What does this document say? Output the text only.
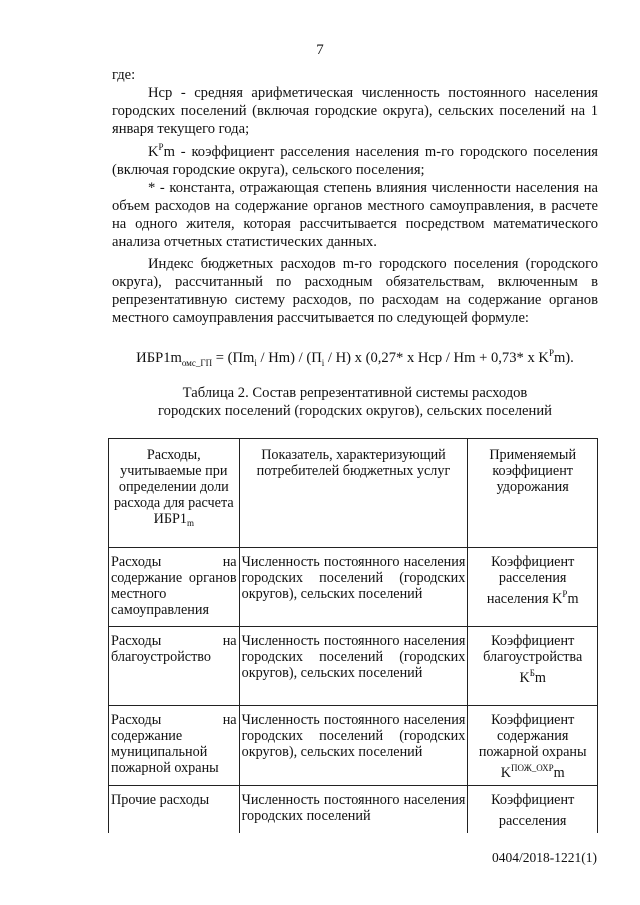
7

где:

Нср - средняя арифметическая численность постоянного населения городских поселений (включая городские округа), сельских поселений на 1 января текущего года;

$K^Pm$ - коэффициент расселения населения m-го городского поселения (включая городские округа), сельского поселения;

* - константа, отражающая степень влияния численности населения на объем расходов на содержание органов местного самоуправления, в расчете на одного жителя, которая рассчитывается посредством математического анализа отчетных статистических данных.

Индекс бюджетных расходов m-го городского поселения (городского округа), рассчитанный по расходным обязательствам, включенным в репрезентативную систему расходов, по расходам на содержание органов местного самоуправления рассчитывается по следующей формуле:

$ИБР1m_{омс\_ГП} = (Пm_i / Hm) / (П_i / H)$ x (0,27* x Hcp / Hm + 0,73* x $K^Pm$).
Таблица 2. Состав репрезентативной системы расходов
городских поселений (городских округов), сельских поселений
Расходы, учитываемые при определении доли расхода для расчета $ИБР1_m$	Показатель, характеризующий потребителей бюджетных услуг	Применяемый коэффициент удорожания
Расходы на содержание органов местного самоуправления	Численность постоянного населения городских поселений (городских округов), сельских поселений	Коэффициент расселения населения $K^Pm$
Расходы на благоустройство	Численность постоянного населения городских поселений (городских округов), сельских поселений	Коэффициент благоустройства $K^Бm$
Расходы на содержание муниципальной пожарной охраны	Численность постоянного населения городских поселений (городских округов), сельских поселений	Коэффициент содержания пожарной охраны $K^{ПОЖ\_ОХР}m$
Прочие расходы	Численность постоянного населения городских поселений	Коэффициент расселения
0404/2018-1221(1)
